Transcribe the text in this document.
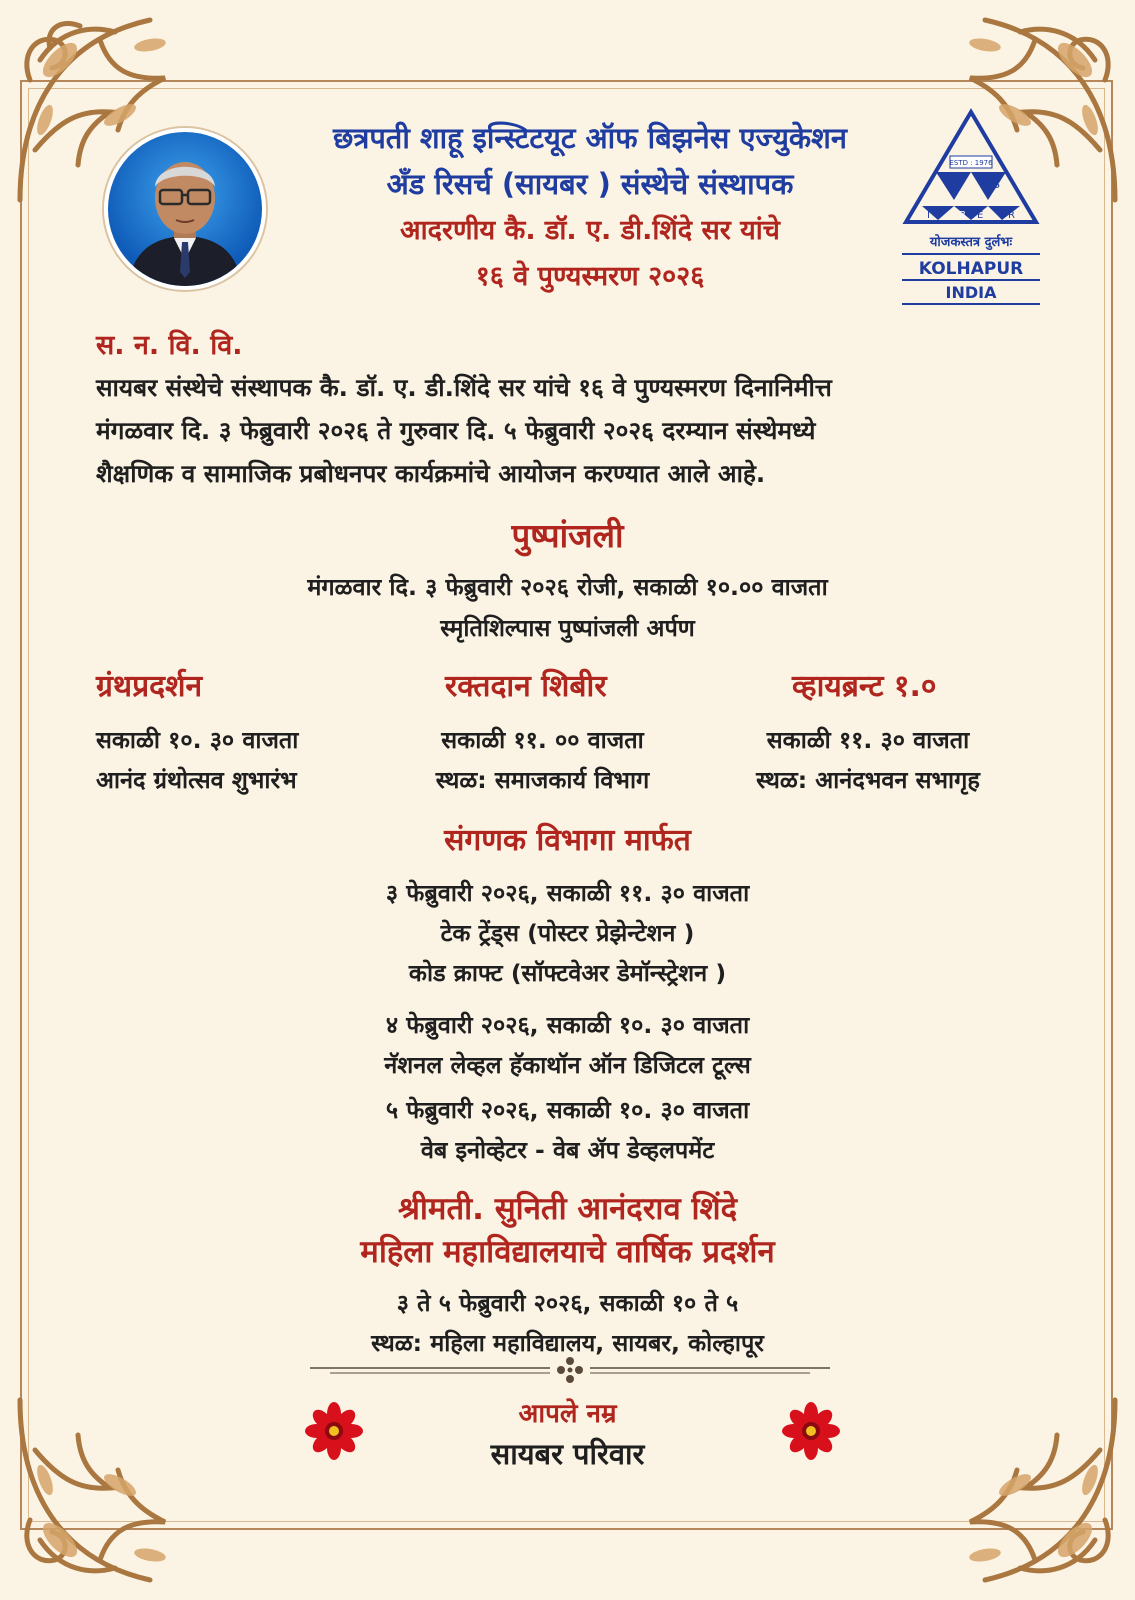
ESTD : 1976
C	S
I	B E R
योजकस्तत्र दुर्लभः
KOLHAPUR
INDIA
छत्रपती शाहू इन्स्टिटयूट ऑफ बिझनेस एज्युकेशन
अँड रिसर्च (सायबर ) संस्थेचे संस्थापक
आदरणीय कै. डॉ. ए. डी.शिंदे सर यांचे
१६ वे पुण्यस्मरण २०२६
स. न. वि. वि.
सायबर संस्थेचे संस्थापक कै. डॉ. ए. डी.शिंदे सर यांचे १६ वे पुण्यस्मरण दिनानिमीत्त
मंगळवार दि. ३ फेब्रुवारी २०२६ ते गुरुवार दि. ५ फेब्रुवारी २०२६ दरम्यान संस्थेमध्ये
शैक्षणिक व सामाजिक प्रबोधनपर कार्यक्रमांचे आयोजन करण्यात आले आहे.
पुष्पांजली
मंगळवार दि. ३ फेब्रुवारी २०२६ रोजी, सकाळी १०.०० वाजता
स्मृतिशिल्पास पुष्पांजली अर्पण
ग्रंथप्रदर्शन
सकाळी १०. ३० वाजता
आनंद ग्रंथोत्सव शुभारंभ
रक्तदान शिबीर
सकाळी ११. ०० वाजता
स्थळ: समाजकार्य विभाग
व्हायब्रन्ट १.०
सकाळी ११. ३० वाजता
स्थळ: आनंदभवन सभागृह
संगणक विभागा मार्फत
३ फेब्रुवारी २०२६, सकाळी ११. ३० वाजता
टेक ट्रेंड्स (पोस्टर प्रेझेन्टेशन )
कोड क्राफ्ट (सॉफ्टवेअर डेमॉन्स्ट्रेशन )
४ फेब्रुवारी २०२६, सकाळी १०. ३० वाजता
नॅशनल लेव्हल हॅकाथॉन ऑन डिजिटल टूल्स
५ फेब्रुवारी २०२६, सकाळी १०. ३० वाजता
वेब इनोव्हेटर - वेब ॲप डेव्हलपमेंट
श्रीमती. सुनिती आनंदराव शिंदे
महिला महाविद्यालयाचे वार्षिक प्रदर्शन
३ ते ५ फेब्रुवारी २०२६, सकाळी १० ते ५
स्थळ: महिला महाविद्यालय, सायबर, कोल्हापूर
आपले नम्र
सायबर परिवार
